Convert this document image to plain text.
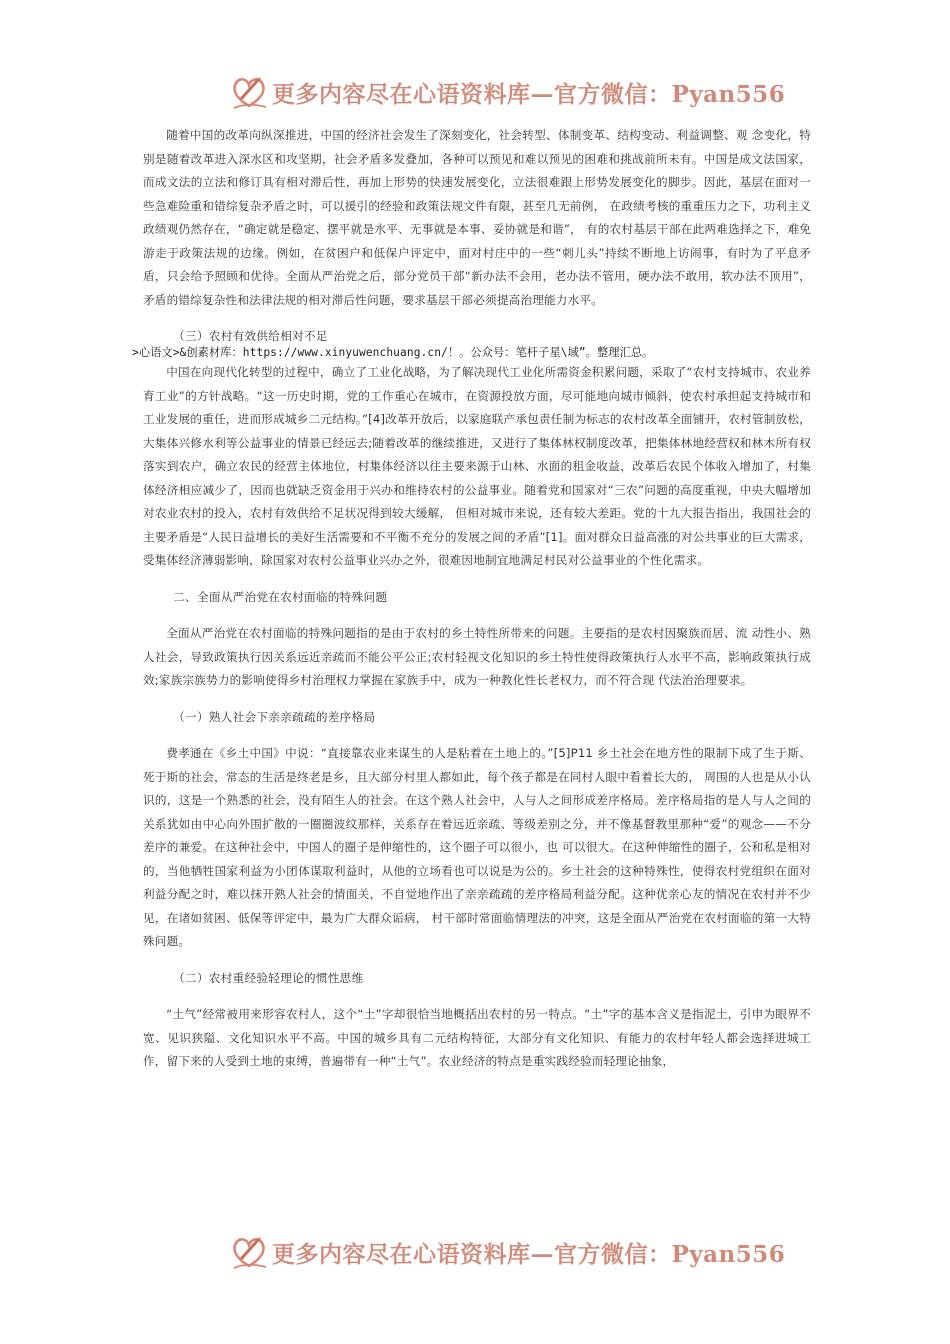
更多内容尽在心语资料库—官方微信：Pyan556

随着中国的改革向纵深推进，中国的经济社会发生了深刻变化，社会转型、体制变革、结构变动、利益调整、观 念变化，特别是随着改革进入深水区和攻坚期，社会矛盾多发叠加，各种可以预见和难以预见的困难和挑战前所未有。中国是成文法国家，而成文法的立法和修订具有相对滞后性，再加上形势的快速发展变化，立法很难跟上形势发展变化的脚步。因此，基层在面对一些急难险重和错综复杂矛盾之时，可以援引的经验和政策法规文件有限，甚至几无前例， 在政绩考核的重重压力之下，功利主义政绩观仍然存在，“确定就是稳定、摆平就是水平、无事就是本事、妥协就是和谐”， 有的农村基层干部在此两难选择之下，难免游走于政策法规的边缘。例如，在贫困户和低保户评定中，面对村庄中的一些“刺儿头”持续不断地上访闹事，有时为了平息矛盾，只会给予照顾和优待。全面从严治党之后，部分党员干部“新办法不会用，老办法不管用，硬办法不敢用，软办法不顶用”，矛盾的错综复杂性和法律法规的相对滞后性问题，要求基层干部必须提高治理能力水平。

（三）农村有效供给相对不足

>心语文>&创素材库：https://www.xinyuwenchuang.cn/！。公众号：笔杆子星\域”。整理汇总。

中国在向现代化转型的过程中，确立了工业化战略，为了解决现代工业化所需资金积累问题，采取了“农村支持城市、农业养育工业”的方针战略。“这一历史时期，党的工作重心在城市，在资源投放方面，尽可能地向城市倾斜，使农村承担起支持城市和工业发展的重任，进而形成城乡二元结构。”[4]改革开放后，以家庭联产承包责任制为标志的农村改革全面铺开，农村管制放松，大集体兴修水利等公益事业的情景已经远去;随着改革的继续推进，又进行了集体林权制度改革，把集体林地经营权和林木所有权落实到农户，确立农民的经营主体地位，村集体经济以往主要来源于山林、水面的租金收益，改革后农民个体收入增加了，村集体经济相应减少了，因而也就缺乏资金用于兴办和维持农村的公益事业。随着党和国家对“三农”问题的高度重视，中央大幅增加对农业农村的投入，农村有效供给不足状况得到较大缓解， 但相对城市来说，还有较大差距。党的十九大报告指出，我国社会的主要矛盾是“人民日益增长的美好生活需要和不平衡不充分的发展之间的矛盾”[1]。面对群众日益高涨的对公共事业的巨大需求，受集体经济薄弱影响，除国家对农村公益事业兴办之外，很难因地制宜地满足村民对公益事业的个性化需求。

二、全面从严治党在农村面临的特殊问题

全面从严治党在农村面临的特殊问题指的是由于农村的乡土特性所带来的问题。主要指的是农村因聚族而居、流 动性小、熟人社会，导致政策执行因关系远近亲疏而不能公平公正;农村轻视文化知识的乡土特性使得政策执行人水平不高，影响政策执行成效;家族宗族势力的影响使得乡村治理权力掌握在家族手中，成为一种教化性长老权力，而不符合现 代法治治理要求。

（一）熟人社会下亲亲疏疏的差序格局

费孝通在《乡土中国》中说：“直接靠农业来谋生的人是粘着在土地上的。”[5]P11 乡土社会在地方性的限制下成了生于斯、死于斯的社会，常态的生活是终老是乡，且大部分村里人都如此，每个孩子都是在同村人眼中看着长大的， 周围的人也是从小认识的，这是一个熟悉的社会，没有陌生人的社会。在这个熟人社会中，人与人之间形成差序格局。差序格局指的是人与人之间的关系犹如由中心向外围扩散的一圈圈波纹那样，关系存在着远近亲疏、等级差别之分，并不像基督教里那种“爱”的观念——不分差序的兼爱。在这种社会中，中国人的圈子是伸缩性的，这个圈子可以很小，也 可以很大。在这种伸缩性的圈子，公和私是相对的，当他牺牲国家利益为小团体谋取利益时，从他的立场看也可以说是为公的。乡土社会的这种特殊性，使得农村党组织在面对利益分配之时，难以抹开熟人社会的情面关，不自觉地作出了亲亲疏疏的差序格局利益分配。这种优亲心友的情况在农村并不少见，在诸如贫困、低保等评定中，最为广大群众诟病， 村干部时常面临情理法的冲突，这是全面从严治党在农村面临的第一大特殊问题。

（二）农村重经验轻理论的惯性思维

“土气”经常被用来形容农村人，这个“土”字却很恰当地概括出农村的另一特点。“土”字的基本含义是指泥土，引申为眼界不宽、见识狭隘、文化知识水平不高。中国的城乡具有二元结构特征，大部分有文化知识、有能力的农村年轻人都会选择进城工作，留下来的人受到土地的束缚，普遍带有一种“土气”。农业经济的特点是重实践经验而轻理论抽象，

更多内容尽在心语资料库—官方微信：Pyan556
